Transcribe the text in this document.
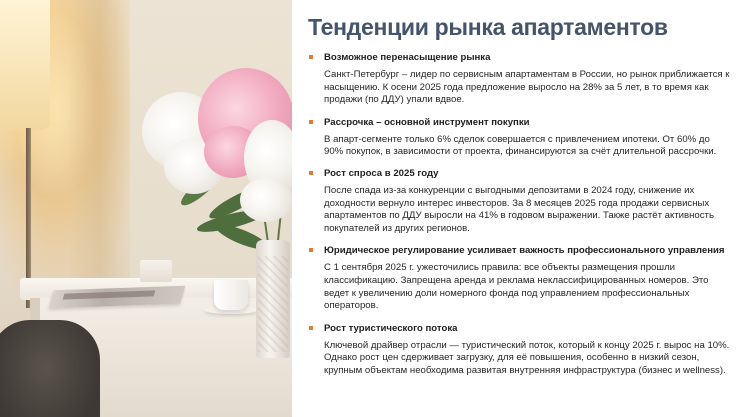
Тенденции рынка апартаментов
Возможное перенасыщение рынка
Санкт-Петербург – лидер по сервисным апартаментам в России, но рынок приближается к насыщению. К осени 2025 года предложение выросло на 28% за 5 лет, в то время как продажи (по ДДУ) упали вдвое.
Рассрочка – основной инструмент покупки
В апарт-сегменте только 6% сделок совершается с привлечением ипотеки. От 60% до 90% покупок, в зависимости от проекта, финансируются за счёт длительной рассрочки.
Рост спроса в 2025 году
После спада из-за конкуренции с выгодными депозитами в 2024 году, снижение их доходности вернуло интерес инвесторов. За 8 месяцев 2025 года продажи сервисных апартаментов по ДДУ выросли на 41% в годовом выражении. Также растёт активность покупателей из других регионов.
Юридическое регулирование усиливает важность профессионального управления
С 1 сентября 2025 г. ужесточились правила: все объекты размещения прошли классификацию. Запрещена аренда и реклама неклассифицированных номеров. Это ведет к увеличению доли номерного фонда под управлением профессиональных операторов.
Рост туристического потока
Ключевой драйвер отрасли — туристический поток, который к концу 2025 г. вырос на 10%. Однако рост цен сдерживает загрузку, для её повышения, особенно в низкий сезон, крупным объектам необходима развитая внутренняя инфраструктура (бизнес и wellness).
